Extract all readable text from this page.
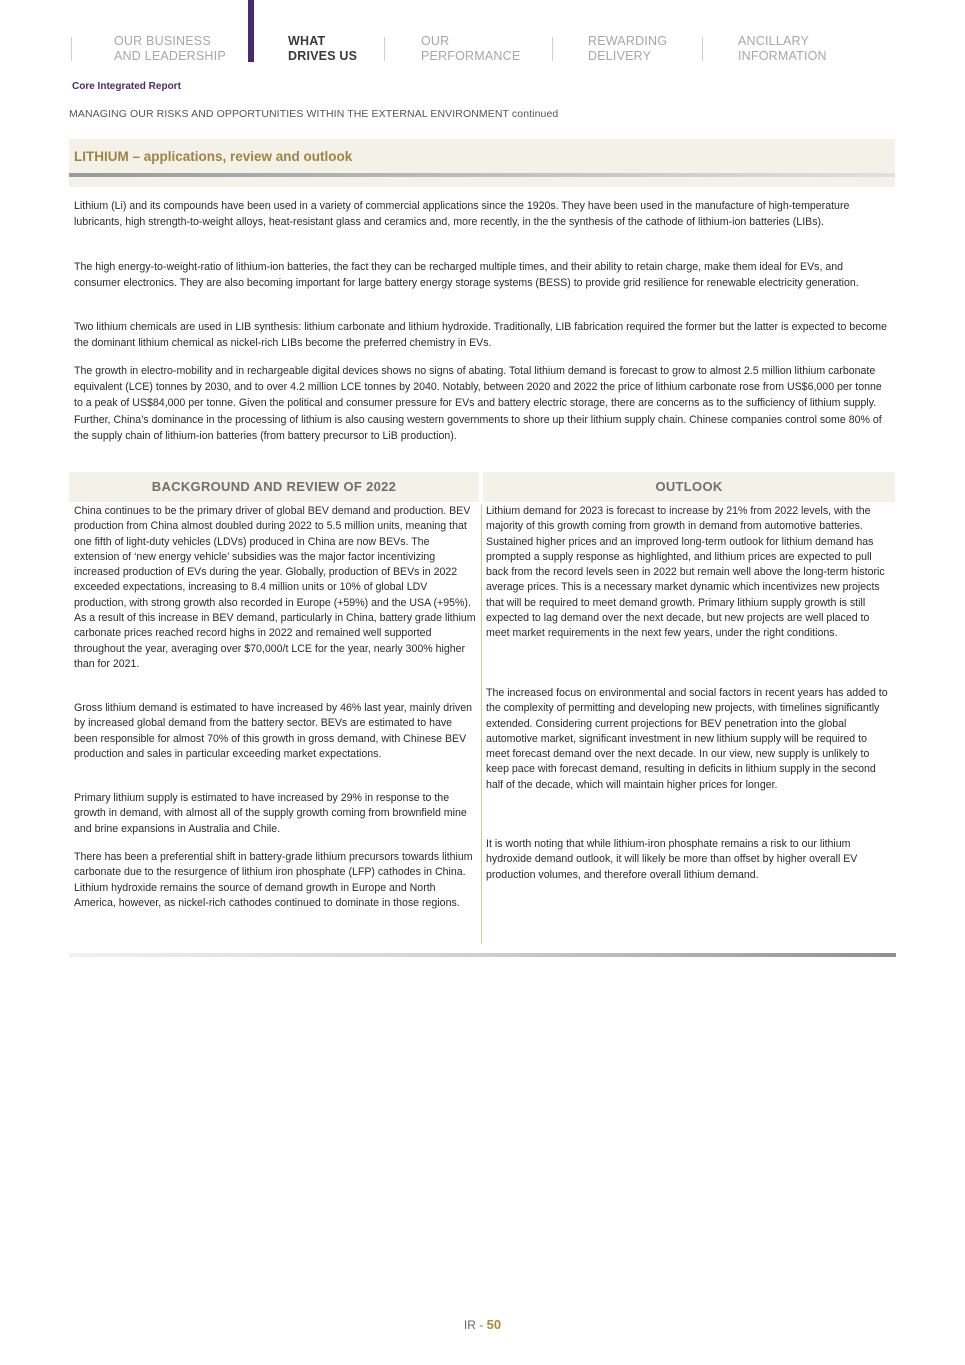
OUR BUSINESS
AND LEADERSHIP
WHAT
DRIVES US
OUR
PERFORMANCE
REWARDING
DELIVERY
ANCILLARY
INFORMATION
Core Integrated Report
MANAGING OUR RISKS AND OPPORTUNITIES WITHIN THE EXTERNAL ENVIRONMENT continued
LITHIUM – applications, review and outlook

Lithium (Li) and its compounds have been used in a variety of commercial applications since the 1920s. They have been used in the manufacture of high-temperature lubricants, high strength-to-weight alloys, heat-resistant glass and ceramics and, more recently, in the the synthesis of the cathode of lithium-ion batteries (LIBs).

The high energy-to-weight-ratio of lithium-ion batteries, the fact they can be recharged multiple times, and their ability to retain charge, make them ideal for EVs, and consumer electronics. They are also becoming important for large battery energy storage systems (BESS) to provide grid resilience for renewable electricity generation.

Two lithium chemicals are used in LIB synthesis: lithium carbonate and lithium hydroxide. Traditionally, LIB fabrication required the former but the latter is expected to become the dominant lithium chemical as nickel-rich LIBs become the preferred chemistry in EVs.

The growth in electro-mobility and in rechargeable digital devices shows no signs of abating. Total lithium demand is forecast to grow to almost 2.5 million lithium carbonate equivalent (LCE) tonnes by 2030, and to over 4.2 million LCE tonnes by 2040. Notably, between 2020 and 2022 the price of lithium carbonate rose from US$6,000 per tonne to a peak of US$84,000 per tonne. Given the political and consumer pressure for EVs and battery electric storage, there are concerns as to the sufficiency of lithium supply. Further, China’s dominance in the processing of lithium is also causing western governments to shore up their lithium supply chain. Chinese companies control some 80% of the supply chain of lithium-ion batteries (from battery precursor to LiB production).

BACKGROUND AND REVIEW OF 2022	OUTLOOK

China continues to be the primary driver of global BEV demand and production. BEV production from China almost doubled during 2022 to 5.5 million units, meaning that one fifth of light-duty vehicles (LDVs) produced in China are now BEVs. The extension of ‘new energy vehicle’ subsidies was the major factor incentivizing increased production of EVs during the year. Globally, production of BEVs in 2022 exceeded expectations, increasing to 8.4 million units or 10% of global LDV production, with strong growth also recorded in Europe (+59%) and the USA (+95%). As a result of this increase in BEV demand, particularly in China, battery grade lithium carbonate prices reached record highs in 2022 and remained well supported throughout the year, averaging over $70,000/t LCE for the year, nearly 300% higher than for 2021.

Gross lithium demand is estimated to have increased by 46% last year, mainly driven by increased global demand from the battery sector. BEVs are estimated to have been responsible for almost 70% of this growth in gross demand, with Chinese BEV production and sales in particular exceeding market expectations.

Primary lithium supply is estimated to have increased by 29% in response to the growth in demand, with almost all of the supply growth coming from brownfield mine and brine expansions in Australia and Chile.

There has been a preferential shift in battery-grade lithium precursors towards lithium carbonate due to the resurgence of lithium iron phosphate (LFP) cathodes in China. Lithium hydroxide remains the source of demand growth in Europe and North America, however, as nickel-rich cathodes continued to dominate in those regions.

Lithium demand for 2023 is forecast to increase by 21% from 2022 levels, with the majority of this growth coming from growth in demand from automotive batteries. Sustained higher prices and an improved long-term outlook for lithium demand has prompted a supply response as highlighted, and lithium prices are expected to pull back from the record levels seen in 2022 but remain well above the long-term historic average prices. This is a necessary market dynamic which incentivizes new projects that will be required to meet demand growth. Primary lithium supply growth is still expected to lag demand over the next decade, but new projects are well placed to meet market requirements in the next few years, under the right conditions.

The increased focus on environmental and social factors in recent years has added to the complexity of permitting and developing new projects, with timelines significantly extended. Considering current projections for BEV penetration into the global automotive market, significant investment in new lithium supply will be required to meet forecast demand over the next decade. In our view, new supply is unlikely to keep pace with forecast demand, resulting in deficits in lithium supply in the second half of the decade, which will maintain higher prices for longer.

It is worth noting that while lithium-iron phosphate remains a risk to our lithium hydroxide demand outlook, it will likely be more than offset by higher overall EV production volumes, and therefore overall lithium demand.

IR - 50
